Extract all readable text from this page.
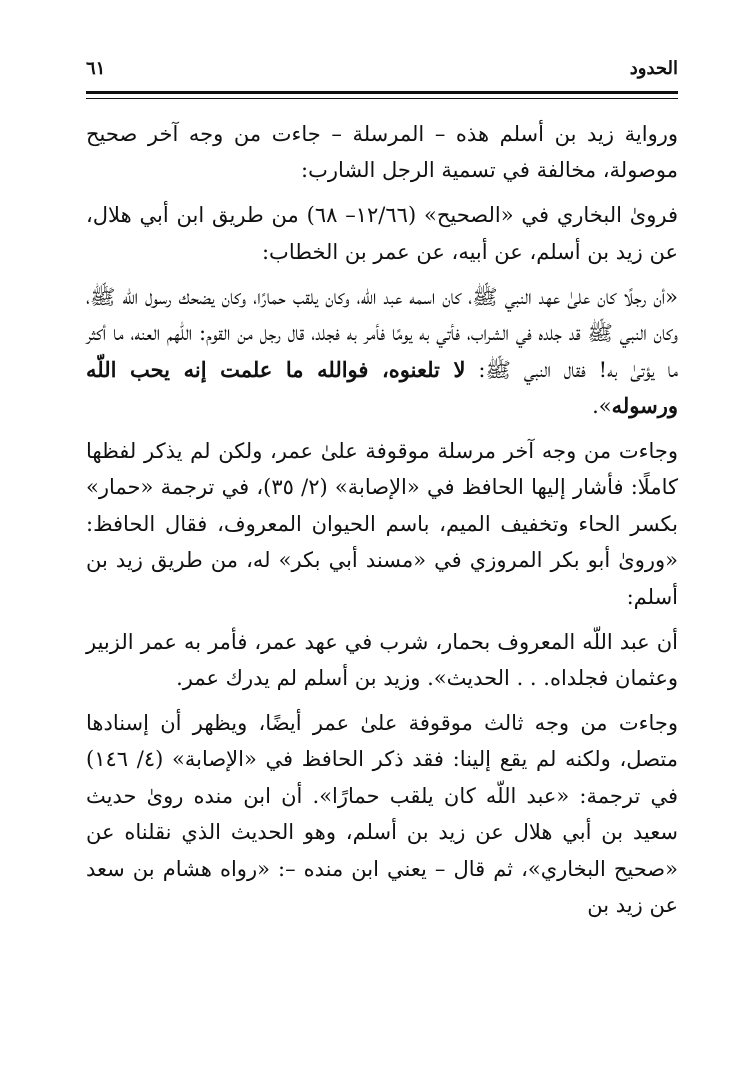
الحدود
٦١

ورواية زيد بن أسلم هذه – المرسلة – جاءت من وجه آخر صحيح موصولة، مخالفة في تسمية الرجل الشارب:

فروىٰ البخاري في «الصحيح» (١٢/٦٦– ٦٨) من طريق ابن أبي هلال، عن زيد بن أسلم، عن أبيه، عن عمر بن الخطاب:

«أن رجلًا كان علىٰ عهد النبي ﷺ، كان اسمه عبد اللّه، وكان يلقب حمارًا، وكان يضحك رسول اللّه ﷺ، وكان النبي ﷺ قد جلده في الشراب، فأتي به يومًا فأمر به فجلد، قال رجل من القوم: اللّٰهم العنه، ما أكثر ما يؤتىٰ به! فقال النبي ﷺ: لا تلعنوه، فوالله ما علمت إنه يحب اللّه ورسوله».

وجاءت من وجه آخر مرسلة موقوفة علىٰ عمر، ولكن لم يذكر لفظها كاملًا: فأشار إليها الحافظ في «الإصابة» (٢/ ٣٥)، في ترجمة «حمار» بكسر الحاء وتخفيف الميم، باسم الحيوان المعروف، فقال الحافظ: «وروىٰ أبو بكر المروزي في «مسند أبي بكر» له، من طريق زيد بن أسلم:

أن عبد اللّه المعروف بحمار، شرب في عهد عمر، فأمر به عمر الزبير وعثمان فجلداه. . . الحديث». وزيد بن أسلم لم يدرك عمر.

وجاءت من وجه ثالث موقوفة علىٰ عمر أيضًا، ويظهر أن إسنادها متصل، ولكنه لم يقع إلينا: فقد ذكر الحافظ في «الإصابة» (٤/ ١٤٦) في ترجمة: «عبد اللّه كان يلقب حمارًا». أن ابن منده روىٰ حديث سعيد بن أبي هلال عن زيد بن أسلم، وهو الحديث الذي نقلناه عن «صحيح البخاري»، ثم قال – يعني ابن منده –: «رواه هشام بن سعد عن زيد بن
